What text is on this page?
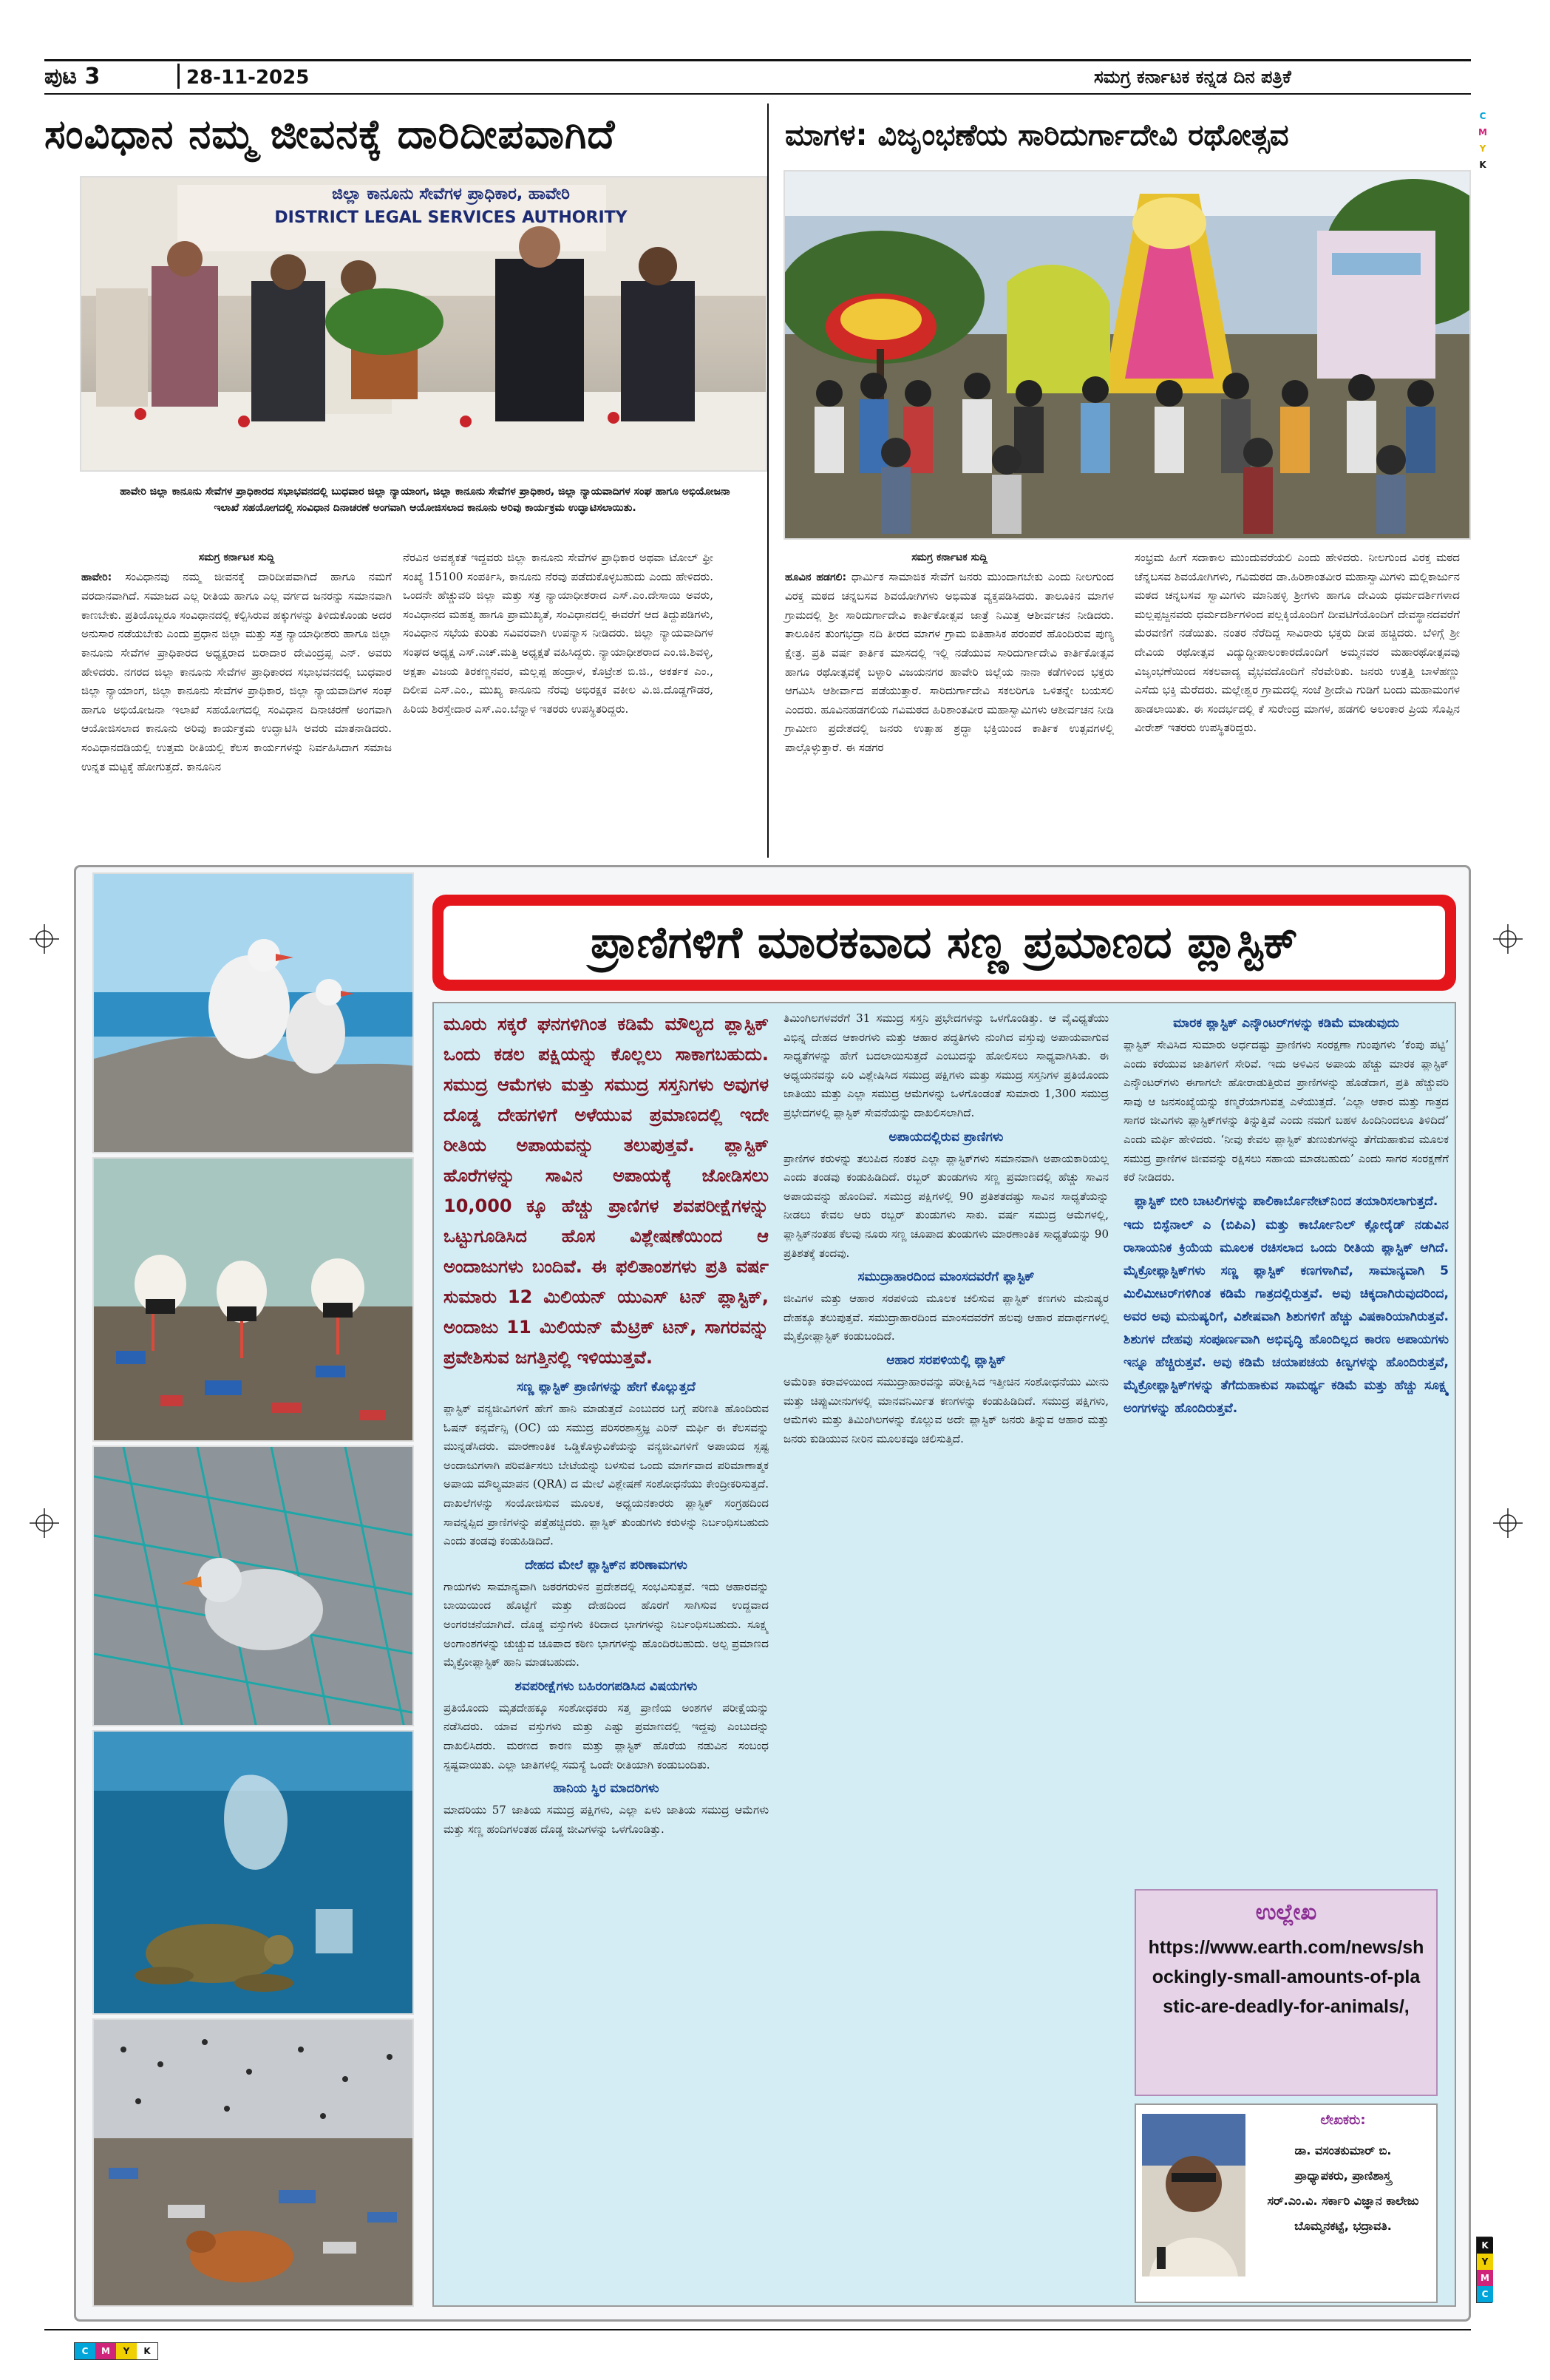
ಪುಟ 3	28-11-2025	ಸಮಗ್ರ ಕರ್ನಾಟಕ ಕನ್ನಡ ದಿನ ಪತ್ರಿಕೆ
C
M
Y
K
ಸಂವಿಧಾನ ನಮ್ಮ ಜೀವನಕ್ಕೆ ದಾರಿದೀಪವಾಗಿದೆ
ಜಿಲ್ಲಾ ಕಾನೂನು ಸೇವೆಗಳ ಪ್ರಾಧಿಕಾರ, ಹಾವೇರಿ
DISTRICT LEGAL SERVICES AUTHORITY
ಹಾವೇರಿ ಜಿಲ್ಲಾ ಕಾನೂನು ಸೇವೆಗಳ ಪ್ರಾಧಿಕಾರದ ಸಭಾಭವನದಲ್ಲಿ ಬುಧವಾರ ಜಿಲ್ಲಾ ನ್ಯಾಯಾಂಗ, ಜಿಲ್ಲಾ ಕಾನೂನು ಸೇವೆಗಳ ಪ್ರಾಧಿಕಾರ, ಜಿಲ್ಲಾ ನ್ಯಾಯವಾದಿಗಳ ಸಂಘ ಹಾಗೂ ಅಭಿಯೋಜನಾ ಇಲಾಖೆ ಸಹಯೋಗದಲ್ಲಿ ಸಂವಿಧಾನ ದಿನಾಚರಣೆ ಅಂಗವಾಗಿ ಆಯೋಜಿಸಲಾದ ಕಾನೂನು ಅರಿವು ಕಾರ್ಯಕ್ರಮ ಉದ್ಘಾಟಿಸಲಾಯಿತು.
ಸಮಗ್ರ ಕರ್ನಾಟಕ ಸುದ್ದಿ

ಹಾವೇರಿ: ಸಂವಿಧಾನವು ನಮ್ಮ ಜೀವನಕ್ಕೆ ದಾರಿದೀಪವಾಗಿದೆ ಹಾಗೂ ನಮಗೆ ವರದಾನವಾಗಿದೆ. ಸಮಾಜದ ಎಲ್ಲ ರೀತಿಯ ಹಾಗೂ ಎಲ್ಲ ವರ್ಗದ ಜನರನ್ನು ಸಮಾನವಾಗಿ ಕಾಣಬೇಕು. ಪ್ರತಿಯೊಬ್ಬರೂ ಸಂವಿಧಾನದಲ್ಲಿ ಕಲ್ಪಿಸಿರುವ ಹಕ್ಕುಗಳನ್ನು ತಿಳಿದುಕೊಂಡು ಅದರ ಅನುಸಾರ ನಡೆಯಬೇಕು ಎಂದು ಪ್ರಧಾನ ಜಿಲ್ಲಾ ಮತ್ತು ಸತ್ರ ನ್ಯಾಯಾಧೀಶರು ಹಾಗೂ ಜಿಲ್ಲಾ ಕಾನೂನು ಸೇವೆಗಳ ಪ್ರಾಧಿಕಾರದ ಅಧ್ಯಕ್ಷರಾದ ಬಿರಾದಾರ ದೇವಿಂದ್ರಪ್ಪ ಎನ್. ಅವರು ಹೇಳಿದರು. ನಗರದ ಜಿಲ್ಲಾ ಕಾನೂನು ಸೇವೆಗಳ ಪ್ರಾಧಿಕಾರದ ಸಭಾಭವನದಲ್ಲಿ ಬುಧವಾರ ಜಿಲ್ಲಾ ನ್ಯಾಯಾಂಗ, ಜಿಲ್ಲಾ ಕಾನೂನು ಸೇವೆಗಳ ಪ್ರಾಧಿಕಾರ, ಜಿಲ್ಲಾ ನ್ಯಾಯವಾದಿಗಳ ಸಂಘ ಹಾಗೂ ಅಭಿಯೋಜನಾ ಇಲಾಖೆ ಸಹಯೋಗದಲ್ಲಿ ಸಂವಿಧಾನ ದಿನಾಚರಣೆ ಅಂಗವಾಗಿ ಆಯೋಜಿಸಲಾದ ಕಾನೂನು ಅರಿವು ಕಾರ್ಯಕ್ರಮ ಉದ್ಘಾಟಿಸಿ ಅವರು ಮಾತನಾಡಿದರು. ಸಂವಿಧಾನದಡಿಯಲ್ಲಿ ಉತ್ತಮ ರೀತಿಯಲ್ಲಿ ಕೆಲಸ ಕಾರ್ಯಗಳನ್ನು ನಿರ್ವಹಿಸಿದಾಗ ಸಮಾಜ ಉನ್ನತ ಮಟ್ಟಕ್ಕೆ ಹೋಗುತ್ತದೆ. ಕಾನೂನಿನ

ನೆರವಿನ ಅವಶ್ಯಕತೆ ಇದ್ದವರು ಜಿಲ್ಲಾ ಕಾನೂನು ಸೇವೆಗಳ ಪ್ರಾಧಿಕಾರ ಅಥವಾ ಟೋಲ್ ಫ್ರೀ ಸಂಖ್ಯೆ 15100 ಸಂಪರ್ಕಿಸಿ, ಕಾನೂನು ನೆರವು ಪಡೆದುಕೊಳ್ಳಬಹುದು ಎಂದು ಹೇಳಿದರು. ಒಂದನೇ ಹೆಚ್ಚುವರಿ ಜಿಲ್ಲಾ ಮತ್ತು ಸತ್ರ ನ್ಯಾಯಾಧೀಶರಾದ ಎಸ್.ಎಂ.ದೇಸಾಯಿ ಅವರು, ಸಂವಿಧಾನದ ಮಹತ್ವ ಹಾಗೂ ಪ್ರಾಮುಖ್ಯತೆ, ಸಂವಿಧಾನದಲ್ಲಿ ಈವರೆಗೆ ಆದ ತಿದ್ದುಪಡಿಗಳು, ಸಂವಿಧಾನ ಸಭೆಯ ಕುರಿತು ಸವಿವರವಾಗಿ ಉಪನ್ಯಾಸ ನೀಡಿದರು. ಜಿಲ್ಲಾ ನ್ಯಾಯವಾದಿಗಳ ಸಂಘದ ಅಧ್ಯಕ್ಷ ಎಸ್.ಎಚ್.ಮತ್ತಿ ಅಧ್ಯಕ್ಷತೆ ವಹಿಸಿದ್ದರು. ನ್ಯಾಯಾಧೀಶರಾದ ಎಂ.ಜಿ.ಶಿವಳ್ಳಿ, ಅಕ್ಷತಾ ವಿಜಯ ತಿರಕಣ್ಣನವರ, ಮಲ್ಲಪ್ಪ ಹಂದ್ರಾಳ, ಕೊಟ್ರೇಶ ಬಿ.ಜಿ., ಅಕರ್ತಕ ಎಂ., ದಿಲೀಪ ಎಸ್.ಎಂ., ಮುಖ್ಯ ಕಾನೂನು ನೆರವು ಅಭಿರಕ್ಷಕ ವಕೀಲ ವಿ.ಜಿ.ದೊಡ್ಡಗೌಡರ, ಹಿರಿಯ ಶಿರಸ್ತೇದಾರ ಎಸ್.ಎಂ.ಬೆನ್ನಾಳ ಇತರರು ಉಪಸ್ಥಿತರಿದ್ದರು.

ಮಾಗಳ: ವಿಜೃಂಭಣೆಯ ಸಾರಿದುರ್ಗಾದೇವಿ ರಥೋತ್ಸವ
ಸಮಗ್ರ ಕರ್ನಾಟಕ ಸುದ್ದಿ

ಹೂವಿನ ಹಡಗಲಿ: ಧಾರ್ಮಿಕ ಸಾಮಾಜಿಕ ಸೇವೆಗೆ ಜನರು ಮುಂದಾಗಬೇಕು ಎಂದು ನೀಲಗುಂದ ವಿರಕ್ತ ಮಠದ ಚನ್ನಬಸವ ಶಿವಯೋಗಿಗಳು ಅಭಿಮತ ವ್ಯಕ್ತಪಡಿಸಿದರು. ತಾಲೂಕಿನ ಮಾಗಳ ಗ್ರಾಮದಲ್ಲಿ ಶ್ರೀ ಸಾರಿದುರ್ಗಾದೇವಿ ಕಾರ್ತಿಕೋತ್ಸವ ಜಾತ್ರೆ ನಿಮಿತ್ತ ಆಶೀರ್ವಚನ ನೀಡಿದರು. ತಾಲೂಕಿನ ತುಂಗಭದ್ರಾ ನದಿ ತೀರದ ಮಾಗಳ ಗ್ರಾಮ ಐತಿಹಾಸಿಕ ಪರಂಪರೆ ಹೊಂದಿರುವ ಪುಣ್ಯ ಕ್ಷೇತ್ರ. ಪ್ರತಿ ವರ್ಷ ಕಾರ್ತಿಕ ಮಾಸದಲ್ಲಿ ಇಲ್ಲಿ ನಡೆಯುವ ಸಾರಿದುರ್ಗಾದೇವಿ ಕಾರ್ತಿಕೋತ್ಸವ ಹಾಗೂ ರಥೋತ್ಸವಕ್ಕೆ ಬಳ್ಳಾರಿ ವಿಜಯನಗರ ಹಾವೇರಿ ಜಿಲ್ಲೆಯ ನಾನಾ ಕಡೆಗಳಿಂದ ಭಕ್ತರು ಆಗಮಿಸಿ ಆಶೀರ್ವಾದ ಪಡೆಯುತ್ತಾರೆ. ಸಾರಿದುರ್ಗಾದೇವಿ ಸಕಲರಿಗೂ ಒಳಿತನ್ನೇ ಬಯಸಲಿ ಎಂದರು. ಹೂವಿನಹಡಗಲಿಯ ಗವಿಮಠದ ಹಿರಿಶಾಂತವೀರ ಮಹಾಸ್ವಾಮಿಗಳು ಆಶೀರ್ವಚನ ನೀಡಿ ಗ್ರಾಮೀಣ ಪ್ರದೇಶದಲ್ಲಿ ಜನರು ಉತ್ಸಾಹ ಶ್ರದ್ಧಾ ಭಕ್ತಿಯಿಂದ ಕಾರ್ತಿಕ ಉತ್ಸವಗಳಲ್ಲಿ ಪಾಲ್ಗೊಳ್ಳುತ್ತಾರೆ. ಈ ಸಡಗರ

ಸಂಭ್ರಮ ಹೀಗೆ ಸದಾಕಾಲ ಮುಂದುವರೆಯಲಿ ಎಂದು ಹೇಳಿದರು. ನೀಲಗುಂದ ವಿರಕ್ತ ಮಠದ ಚೆನ್ನಬಸವ ಶಿವಯೋಗಿಗಳು, ಗವಿಮಠದ ಡಾ.ಹಿರಿಶಾಂತವೀರ ಮಹಾಸ್ವಾಮಿಗಳು ಮಲ್ಲಿಕಾರ್ಜುನ ಮಠದ ಚನ್ನಬಸವ ಸ್ವಾಮಿಗಳು ಮಾನಿಹಳ್ಳಿ ಶ್ರೀಗಳು ಹಾಗೂ ದೇವಿಯ ಧರ್ಮದರ್ಶಿಗಳಾದ ಮಲ್ಲಪ್ಪಜ್ಜನವರು ಧರ್ಮದರ್ಶಿಗಳಿಂದ ಪಲ್ಲಕ್ಕಿಯೊಂದಿಗೆ ದೀವಟಿಗೆಯೊಂದಿಗೆ ದೇವಸ್ಥಾನದವರೆಗೆ ಮೆರವಣಿಗೆ ನಡೆಯಿತು. ನಂತರ ನೆರೆದಿದ್ದ ಸಾವಿರಾರು ಭಕ್ತರು ದೀಪ ಹಚ್ಚಿದರು. ಬೆಳಿಗ್ಗೆ ಶ್ರೀ ದೇವಿಯ ರಥೋತ್ಸವ ವಿದ್ಯುದ್ದೀಪಾಲಂಕಾರದೊಂದಿಗೆ ಅಮ್ಮನವರ ಮಹಾರಥೋತ್ಸವವು ವಿಜೃಂಭಣೆಯಿಂದ ಸಕಲವಾದ್ಯ ವೈಭವದೊಂದಿಗೆ ನೆರವೇರಿತು. ಜನರು ಉತ್ತತ್ತಿ ಬಾಳೆಹಣ್ಣು ಎಸೆದು ಭಕ್ತಿ ಮೆರೆದರು. ಮಲ್ಲೇಶ್ವರ ಗ್ರಾಮದಲ್ಲಿ ಸಂಜೆ ಶ್ರೀದೇವಿ ಗುಡಿಗೆ ಬಂದು ಮಹಾಮಂಗಳ ಹಾಡಲಾಯಿತು. ಈ ಸಂದರ್ಭದಲ್ಲಿ ಕೆ ಸುರೇಂದ್ರ ಮಾಗಳ, ಹಡಗಲಿ ಅಲಂಕಾರ ಪ್ರಿಯ ಸೊಪ್ಪಿನ ವೀರೇಶ್ ಇತರರು ಉಪಸ್ಥಿತರಿದ್ದರು.

ಪ್ರಾಣಿಗಳಿಗೆ ಮಾರಕವಾದ ಸಣ್ಣ ಪ್ರಮಾಣದ ಪ್ಲಾಸ್ಟಿಕ್
ಮೂರು ಸಕ್ಕರೆ ಘನಗಳಿಗಿಂತ ಕಡಿಮೆ ಮೌಲ್ಯದ ಪ್ಲಾಸ್ಟಿಕ್ ಒಂದು ಕಡಲ ಪಕ್ಷಿಯನ್ನು ಕೊಲ್ಲಲು ಸಾಕಾಗಬಹುದು. ಸಮುದ್ರ ಆಮೆಗಳು ಮತ್ತು ಸಮುದ್ರ ಸಸ್ತನಿಗಳು ಅವುಗಳ ದೊಡ್ಡ ದೇಹಗಳಿಗೆ ಅಳೆಯುವ ಪ್ರಮಾಣದಲ್ಲಿ ಇದೇ ರೀತಿಯ ಅಪಾಯವನ್ನು ತಲುಪುತ್ತವೆ. ಪ್ಲಾಸ್ಟಿಕ್ ಹೊರೆಗಳನ್ನು ಸಾವಿನ ಅಪಾಯಕ್ಕೆ ಜೋಡಿಸಲು 10,000 ಕ್ಕೂ ಹೆಚ್ಚು ಪ್ರಾಣಿಗಳ ಶವಪರೀಕ್ಷೆಗಳನ್ನು ಒಟ್ಟುಗೂಡಿಸಿದ ಹೊಸ ವಿಶ್ಲೇಷಣೆಯಿಂದ ಆ ಅಂದಾಜುಗಳು ಬಂದಿವೆ. ಈ ಫಲಿತಾಂಶಗಳು ಪ್ರತಿ ವರ್ಷ ಸುಮಾರು 12 ಮಿಲಿಯನ್ ಯುಎಸ್ ಟನ್ ಪ್ಲಾಸ್ಟಿಕ್, ಅಂದಾಜು 11 ಮಿಲಿಯನ್ ಮೆಟ್ರಿಕ್ ಟನ್, ಸಾಗರವನ್ನು ಪ್ರವೇಶಿಸುವ ಜಗತ್ತಿನಲ್ಲಿ ಇಳಿಯುತ್ತವೆ.
ಸಣ್ಣ ಪ್ಲಾಸ್ಟಿಕ್ ಪ್ರಾಣಿಗಳನ್ನು ಹೇಗೆ ಕೊಲ್ಲುತ್ತದೆ
ಪ್ಲಾಸ್ಟಿಕ್ ವನ್ಯಜೀವಿಗಳಿಗೆ ಹೇಗೆ ಹಾನಿ ಮಾಡುತ್ತದೆ ಎಂಬುದರ ಬಗ್ಗೆ ಪರಿಣತಿ ಹೊಂದಿರುವ ಓಷನ್ ಕನ್ಸರ್ವೆನ್ಸಿ (OC) ಯ ಸಮುದ್ರ ಪರಿಸರಶಾಸ್ತ್ರಜ್ಞ ಎರಿನ್ ಮರ್ಫಿ ಈ ಕೆಲಸವನ್ನು ಮುನ್ನಡೆಸಿದರು. ಮಾರಣಾಂತಿಕ ಒಡ್ಡಿಕೊಳ್ಳುವಿಕೆಯನ್ನು ವನ್ಯಜೀವಿಗಳಿಗೆ ಅಪಾಯದ ಸ್ಪಷ್ಟ ಅಂದಾಜುಗಳಾಗಿ ಪರಿವರ್ತಿಸಲು ಬೇಟೆಯನ್ನು ಬಳಸುವ ಒಂದು ಮಾರ್ಗವಾದ ಪರಿಮಾಣಾತ್ಮಕ ಅಪಾಯ ಮೌಲ್ಯಮಾಪನ (QRA) ದ ಮೇಲೆ ವಿಶ್ಲೇಷಣೆ ಸಂಶೋಧನೆಯು ಕೇಂದ್ರೀಕರಿಸುತ್ತದೆ. ದಾಖಲೆಗಳನ್ನು ಸಂಯೋಜಿಸುವ ಮೂಲಕ, ಅಧ್ಯಯನಕಾರರು ಪ್ಲಾಸ್ಟಿಕ್ ಸಂಗ್ರಹದಿಂದ ಸಾವನ್ನಪ್ಪಿದ ಪ್ರಾಣಿಗಳನ್ನು ಪತ್ತೆಹಚ್ಚಿದರು. ಪ್ಲಾಸ್ಟಿಕ್ ತುಂಡುಗಳು ಕರುಳನ್ನು ನಿರ್ಬಂಧಿಸಬಹುದು ಎಂದು ತಂಡವು ಕಂಡುಹಿಡಿದಿದೆ.
ದೇಹದ ಮೇಲೆ ಪ್ಲಾಸ್ಟಿಕ್‌ನ ಪರಿಣಾಮಗಳು
ಗಾಯಗಳು ಸಾಮಾನ್ಯವಾಗಿ ಜಠರಗರುಳಿನ ಪ್ರದೇಶದಲ್ಲಿ ಸಂಭವಿಸುತ್ತವೆ. ಇದು ಆಹಾರವನ್ನು ಬಾಯಿಯಿಂದ ಹೊಟ್ಟೆಗೆ ಮತ್ತು ದೇಹದಿಂದ ಹೊರಗೆ ಸಾಗಿಸುವ ಉದ್ದವಾದ ಅಂಗರಚನೆಯಾಗಿದೆ. ದೊಡ್ಡ ವಸ್ತುಗಳು ಕಿರಿದಾದ ಭಾಗಗಳನ್ನು ನಿರ್ಬಂಧಿಸಬಹುದು. ಸೂಕ್ಷ್ಮ ಅಂಗಾಂಶಗಳನ್ನು ಚುಚ್ಚುವ ಚೂಪಾದ ಕಠಿಣ ಭಾಗಗಳನ್ನು ಹೊಂದಿರಬಹುದು. ಅಲ್ಪ ಪ್ರಮಾಣದ ಮೈಕ್ರೋಪ್ಲಾಸ್ಟಿಕ್ ಹಾನಿ ಮಾಡಬಹುದು.
ಶವಪರೀಕ್ಷೆಗಳು ಬಹಿರಂಗಪಡಿಸಿದ ವಿಷಯಗಳು
ಪ್ರತಿಯೊಂದು ಮೃತದೇಹಕ್ಕೂ ಸಂಶೋಧಕರು ಸತ್ತ ಪ್ರಾಣಿಯ ಅಂಶಗಳ ಪರೀಕ್ಷೆಯನ್ನು ನಡೆಸಿದರು. ಯಾವ ವಸ್ತುಗಳು ಮತ್ತು ಎಷ್ಟು ಪ್ರಮಾಣದಲ್ಲಿ ಇದ್ದವು ಎಂಬುದನ್ನು ದಾಖಲಿಸಿದರು. ಮರಣದ ಕಾರಣ ಮತ್ತು ಪ್ಲಾಸ್ಟಿಕ್ ಹೊರೆಯ ನಡುವಿನ ಸಂಬಂಧ ಸ್ಪಷ್ಟವಾಯಿತು. ಎಲ್ಲಾ ಜಾತಿಗಳಲ್ಲಿ ಸಮಸ್ಯೆ ಒಂದೇ ರೀತಿಯಾಗಿ ಕಂಡುಬಂದಿತು.
ಹಾನಿಯ ಸ್ಥಿರ ಮಾದರಿಗಳು
ಮಾದರಿಯು 57 ಜಾತಿಯ ಸಮುದ್ರ ಪಕ್ಷಿಗಳು, ಎಲ್ಲಾ ಏಳು ಜಾತಿಯ ಸಮುದ್ರ ಆಮೆಗಳು ಮತ್ತು ಸಣ್ಣ ಹಂದಿಗಳಂತಹ ದೊಡ್ಡ ಜೀವಿಗಳನ್ನು ಒಳಗೊಂಡಿತ್ತು.
ತಿಮಿಂಗಿಲಗಳವರೆಗೆ 31 ಸಮುದ್ರ ಸಸ್ತನಿ ಪ್ರಭೇದಗಳನ್ನು ಒಳಗೊಂಡಿತ್ತು. ಆ ವೈವಿಧ್ಯತೆಯು ವಿಭಿನ್ನ ದೇಹದ ಆಕಾರಗಳು ಮತ್ತು ಆಹಾರ ಪದ್ಧತಿಗಳು ನುಂಗಿದ ವಸ್ತುವು ಅಪಾಯವಾಗುವ ಸಾಧ್ಯತೆಗಳನ್ನು ಹೇಗೆ ಬದಲಾಯಿಸುತ್ತದೆ ಎಂಬುದನ್ನು ಹೋಲಿಸಲು ಸಾಧ್ಯವಾಗಿಸಿತು. ಈ ಅಧ್ಯಯನವನ್ನು ಏರಿ ವಿಶ್ಲೇಷಿಸಿದ ಸಮುದ್ರ ಪಕ್ಷಿಗಳು ಮತ್ತು ಸಮುದ್ರ ಸಸ್ತನಿಗಳ ಪ್ರತಿಯೊಂದು ಜಾತಿಯು ಮತ್ತು ಎಲ್ಲಾ ಸಮುದ್ರ ಆಮೆಗಳನ್ನು ಒಳಗೊಂಡಂತೆ ಸುಮಾರು 1,300 ಸಮುದ್ರ ಪ್ರಭೇದಗಳಲ್ಲಿ ಪ್ಲಾಸ್ಟಿಕ್ ಸೇವನೆಯನ್ನು ದಾಖಲಿಸಲಾಗಿದೆ.
ಅಪಾಯದಲ್ಲಿರುವ ಪ್ರಾಣಿಗಳು
ಪ್ರಾಣಿಗಳ ಕರುಳನ್ನು ತಲುಪಿದ ನಂತರ ಎಲ್ಲಾ ಪ್ಲಾಸ್ಟಿಕ್‌ಗಳು ಸಮಾನವಾಗಿ ಅಪಾಯಕಾರಿಯಲ್ಲ ಎಂದು ತಂಡವು ಕಂಡುಹಿಡಿದಿದೆ. ರಬ್ಬರ್ ತುಂಡುಗಳು ಸಣ್ಣ ಪ್ರಮಾಣದಲ್ಲಿ ಹೆಚ್ಚು ಸಾವಿನ ಅಪಾಯವನ್ನು ಹೊಂದಿವೆ. ಸಮುದ್ರ ಪಕ್ಷಿಗಳಲ್ಲಿ 90 ಪ್ರತಿಶತದಷ್ಟು ಸಾವಿನ ಸಾಧ್ಯತೆಯನ್ನು ನೀಡಲು ಕೇವಲ ಆರು ರಬ್ಬರ್ ತುಂಡುಗಳು ಸಾಕು. ವರ್ಷ ಸಮುದ್ರ ಆಮೆಗಳಲ್ಲಿ, ಪ್ಲಾಸ್ಟಿಕ್‌ನಂತಹ ಕೆಲವು ನೂರು ಸಣ್ಣ ಚೂಪಾದ ತುಂಡುಗಳು ಮಾರಣಾಂತಿಕ ಸಾಧ್ಯತೆಯನ್ನು 90 ಪ್ರತಿಶತಕ್ಕೆ ತಂದವು.
ಸಮುದ್ರಾಹಾರದಿಂದ ಮಾಂಸದವರೆಗೆ ಪ್ಲಾಸ್ಟಿಕ್
ಜೀವಿಗಳ ಮತ್ತು ಆಹಾರ ಸರಪಳಿಯ ಮೂಲಕ ಚಲಿಸುವ ಪ್ಲಾಸ್ಟಿಕ್ ಕಣಗಳು ಮನುಷ್ಯರ ದೇಹಕ್ಕೂ ತಲುಪುತ್ತವೆ. ಸಮುದ್ರಾಹಾರದಿಂದ ಮಾಂಸದವರೆಗೆ ಹಲವು ಆಹಾರ ಪದಾರ್ಥಗಳಲ್ಲಿ ಮೈಕ್ರೋಪ್ಲಾಸ್ಟಿಕ್ ಕಂಡುಬಂದಿದೆ.
ಆಹಾರ ಸರಪಳಿಯಲ್ಲಿ ಪ್ಲಾಸ್ಟಿಕ್
ಅಮೆರಿಕಾ ಕರಾವಳಿಯಿಂದ ಸಮುದ್ರಾಹಾರವನ್ನು ಪರೀಕ್ಷಿಸಿದ ಇತ್ತೀಚಿನ ಸಂಶೋಧನೆಯು ಮೀನು ಮತ್ತು ಚಿಪ್ಪುಮೀನುಗಳಲ್ಲಿ ಮಾನವನಿರ್ಮಿತ ಕಣಗಳನ್ನು ಕಂಡುಹಿಡಿದಿದೆ. ಸಮುದ್ರ ಪಕ್ಷಿಗಳು, ಆಮೆಗಳು ಮತ್ತು ತಿಮಿಂಗಿಲಗಳನ್ನು ಕೊಲ್ಲುವ ಅದೇ ಪ್ಲಾಸ್ಟಿಕ್ ಜನರು ತಿನ್ನುವ ಆಹಾರ ಮತ್ತು ಜನರು ಕುಡಿಯುವ ನೀರಿನ ಮೂಲಕವೂ ಚಲಿಸುತ್ತಿದೆ.
ಮಾರಕ ಪ್ಲಾಸ್ಟಿಕ್ ಎನ್ಕೌಂಟರ್‌ಗಳನ್ನು ಕಡಿಮೆ ಮಾಡುವುದು
ಪ್ಲಾಸ್ಟಿಕ್ ಸೇವಿಸಿದ ಸುಮಾರು ಅರ್ಧದಷ್ಟು ಪ್ರಾಣಿಗಳು ಸಂರಕ್ಷಣಾ ಗುಂಪುಗಳು ‘ಕೆಂಪು ಪಟ್ಟಿ’ ಎಂದು ಕರೆಯುವ ಜಾತಿಗಳಿಗೆ ಸೇರಿವೆ. ಇದು ಅಳಿವಿನ ಅಪಾಯ ಹೆಚ್ಚು ಮಾರಕ ಪ್ಲಾಸ್ಟಿಕ್ ಎನ್ಕೌಂಟರ್‌ಗಳು ಈಗಾಗಲೇ ಹೋರಾಡುತ್ತಿರುವ ಪ್ರಾಣಿಗಳನ್ನು ಹೊಡೆದಾಗ, ಪ್ರತಿ ಹೆಚ್ಚುವರಿ ಸಾವು ಆ ಜನಸಂಖ್ಯೆಯನ್ನು ಕಣ್ಮರೆಯಾಗುವತ್ತ ಎಳೆಯುತ್ತದೆ. ‘ಎಲ್ಲಾ ಆಕಾರ ಮತ್ತು ಗಾತ್ರದ ಸಾಗರ ಜೀವಿಗಳು ಪ್ಲಾಸ್ಟಿಕ್‌ಗಳನ್ನು ತಿನ್ನುತ್ತಿವೆ ಎಂದು ನಮಗೆ ಬಹಳ ಹಿಂದಿನಿಂದಲೂ ತಿಳಿದಿದೆ’ ಎಂದು ಮರ್ಫಿ ಹೇಳಿದರು. ‘ನೀವು ಕೇವಲ ಪ್ಲಾಸ್ಟಿಕ್ ತುಣುಕುಗಳನ್ನು ತೆಗೆದುಹಾಕುವ ಮೂಲಕ ಸಮುದ್ರ ಪ್ರಾಣಿಗಳ ಜೀವವನ್ನು ರಕ್ಷಿಸಲು ಸಹಾಯ ಮಾಡಬಹುದು’ ಎಂದು ಸಾಗರ ಸಂರಕ್ಷಣೆಗೆ ಕರೆ ನೀಡಿದರು.
ಪ್ಲಾಸ್ಟಿಕ್ ಬೀರಿ ಬಾಟಲಿಗಳನ್ನು ಪಾಲಿಕಾರ್ಬೊನೇಟ್‌ನಿಂದ ತಯಾರಿಸಲಾಗುತ್ತದೆ.
ಇದು ಬಿಸ್ಫೆನಾಲ್ ಎ (ಬಿಪಿಎ) ಮತ್ತು ಕಾರ್ಬೋನಿಲ್ ಕ್ಲೋರೈಡ್ ನಡುವಿನ ರಾಸಾಯನಿಕ ಕ್ರಿಯೆಯ ಮೂಲಕ ರಚಿಸಲಾದ ಒಂದು ರೀತಿಯ ಪ್ಲಾಸ್ಟಿಕ್ ಆಗಿದೆ. ಮೈಕ್ರೋಪ್ಲಾಸ್ಟಿಕ್‌ಗಳು ಸಣ್ಣ ಪ್ಲಾಸ್ಟಿಕ್ ಕಣಗಳಾಗಿವೆ, ಸಾಮಾನ್ಯವಾಗಿ 5 ಮಿಲಿಮೀಟರ್‌ಗಳಿಗಿಂತ ಕಡಿಮೆ ಗಾತ್ರದಲ್ಲಿರುತ್ತವೆ. ಅವು ಚಿಕ್ಕದಾಗಿರುವುದರಿಂದ, ಅವರ ಅವು ಮನುಷ್ಯರಿಗೆ, ವಿಶೇಷವಾಗಿ ಶಿಶುಗಳಿಗೆ ಹೆಚ್ಚು ವಿಷಕಾರಿಯಾಗಿರುತ್ತವೆ. ಶಿಶುಗಳ ದೇಹವು ಸಂಪೂರ್ಣವಾಗಿ ಅಭಿವೃದ್ಧಿ ಹೊಂದಿಲ್ಲದ ಕಾರಣ ಅಪಾಯಗಳು ಇನ್ನೂ ಹೆಚ್ಚಿರುತ್ತವೆ. ಅವು ಕಡಿಮೆ ಚಯಾಪಚಯ ಕಿಣ್ವಗಳನ್ನು ಹೊಂದಿರುತ್ತವೆ, ಮೈಕ್ರೋಪ್ಲಾಸ್ಟಿಕ್‌ಗಳನ್ನು ತೆಗೆದುಹಾಕುವ ಸಾಮರ್ಥ್ಯ ಕಡಿಮೆ ಮತ್ತು ಹೆಚ್ಚು ಸೂಕ್ಷ್ಮ ಅಂಗಗಳನ್ನು ಹೊಂದಿರುತ್ತವೆ.
ಉಲ್ಲೇಖ
https://www.earth.com/news/shockingly-small-amounts-of-plastic-are-deadly-for-animals/,
ಲೇಖಕರು:
ಡಾ. ವಸಂತಕುಮಾರ್ ಬಿ.
ಪ್ರಾಧ್ಯಾಪಕರು, ಪ್ರಾಣಿಶಾಸ್ತ್ರ
ಸರ್.ಎಂ.ವಿ. ಸರ್ಕಾರಿ ವಿಜ್ಞಾನ ಕಾಲೇಜು
ಬೊಮ್ಮನಕಟ್ಟೆ, ಭದ್ರಾವತಿ.
K
Y
M
C
C	M	Y	K
